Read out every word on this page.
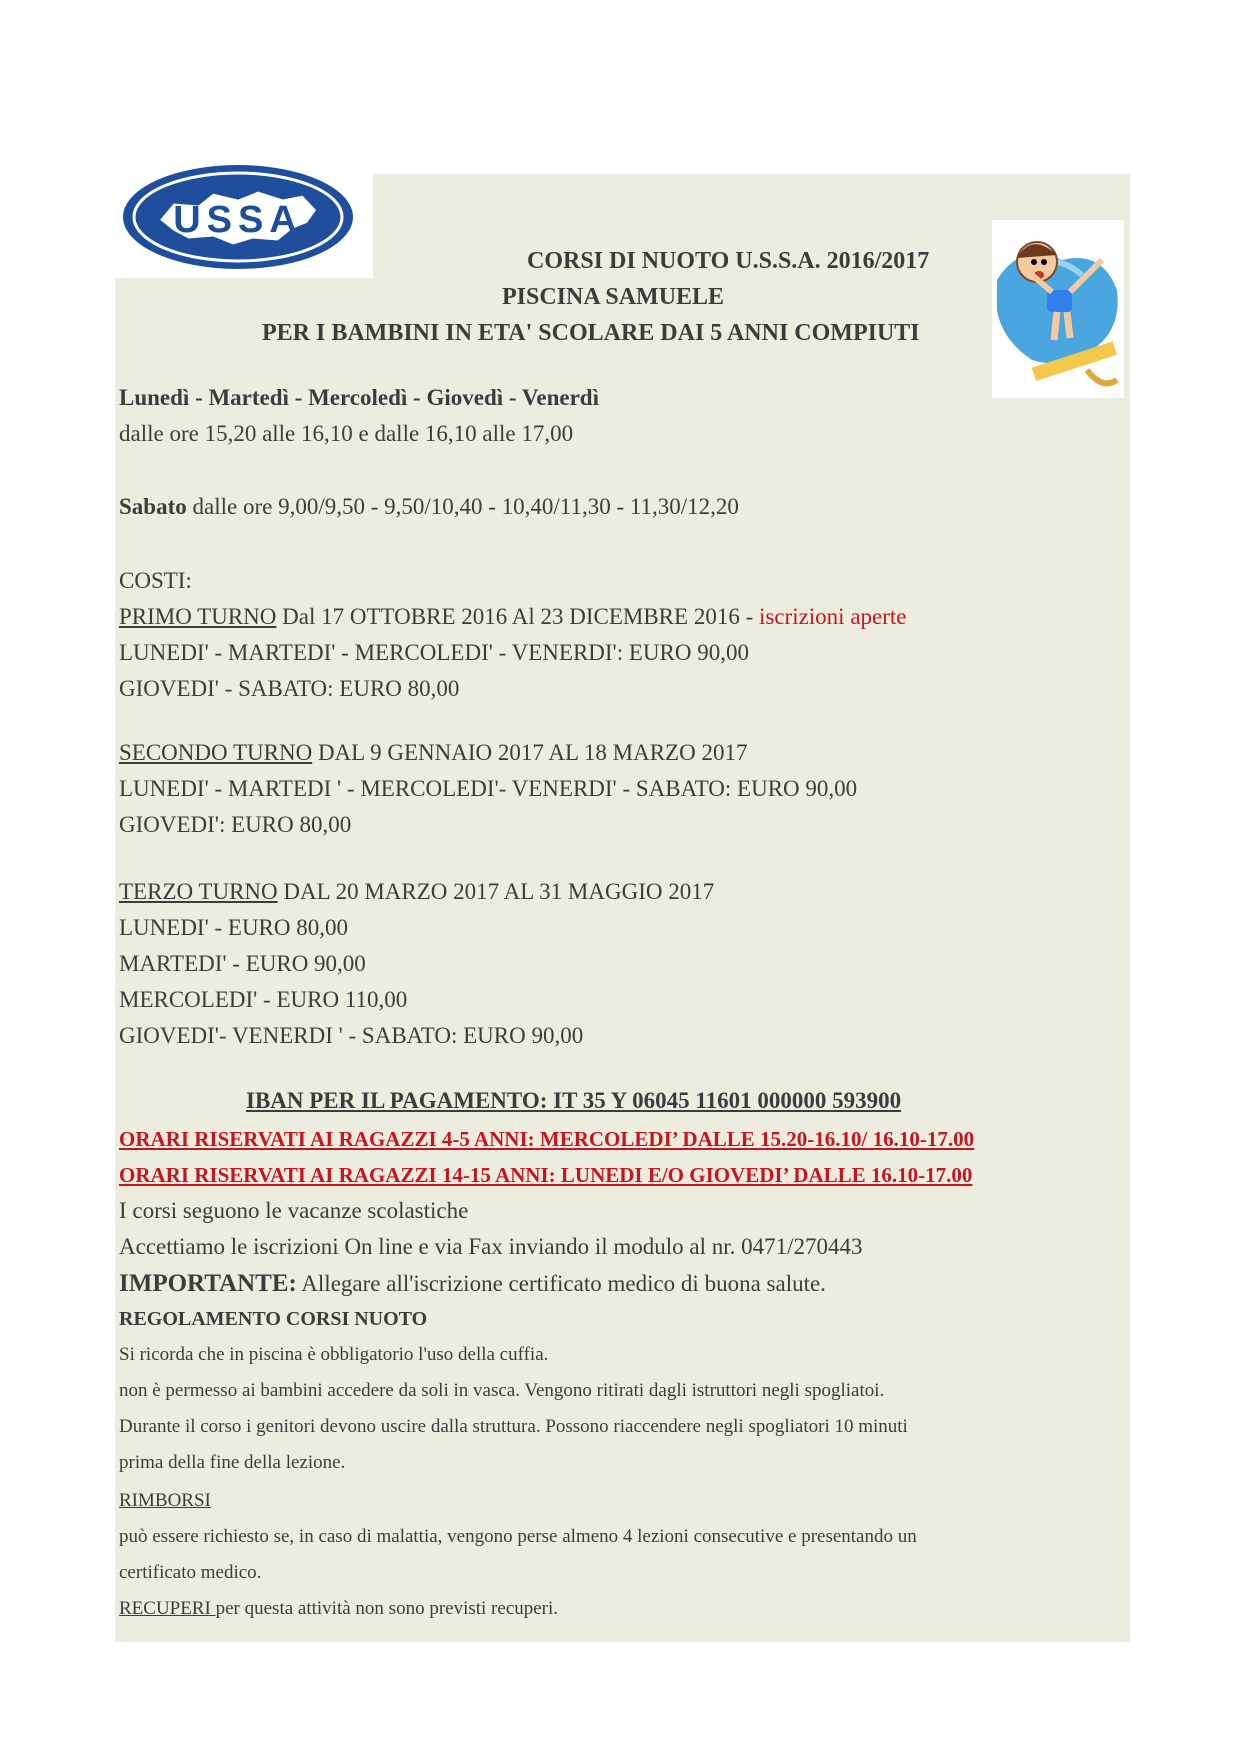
USSA
CORSI DI NUOTO U.S.S.A. 2016/2017
PISCINA SAMUELE
PER I BAMBINI IN ETA' SCOLARE DAI 5 ANNI COMPIUTI
Lunedì - Martedì - Mercoledì - Giovedì - Venerdì
dalle ore 15,20 alle 16,10 e dalle 16,10 alle 17,00
Sabato dalle ore 9,00/9,50 - 9,50/10,40 - 10,40/11,30 - 11,30/12,20
COSTI:
PRIMO TURNO Dal 17 OTTOBRE 2016 Al 23 DICEMBRE 2016 - iscrizioni aperte
LUNEDI' - MARTEDI' - MERCOLEDI' - VENERDI': EURO 90,00
GIOVEDI' - SABATO: EURO 80,00
SECONDO TURNO DAL 9 GENNAIO 2017 AL 18 MARZO 2017
LUNEDI' - MARTEDI ' - MERCOLEDI'- VENERDI' - SABATO: EURO 90,00
GIOVEDI': EURO 80,00
TERZO TURNO DAL 20 MARZO 2017 AL 31 MAGGIO 2017
LUNEDI' - EURO 80,00
MARTEDI' - EURO 90,00
MERCOLEDI' - EURO 110,00
GIOVEDI'- VENERDI ' - SABATO: EURO 90,00
IBAN PER IL PAGAMENTO: IT 35 Y 06045 11601 000000 593900
ORARI RISERVATI AI RAGAZZI 4-5 ANNI: MERCOLEDI’ DALLE 15.20-16.10/ 16.10-17.00
ORARI RISERVATI AI RAGAZZI 14-15 ANNI: LUNEDI E/O GIOVEDI’ DALLE 16.10-17.00
I corsi seguono le vacanze scolastiche
Accettiamo le iscrizioni On line e via Fax inviando il modulo al nr. 0471/270443
IMPORTANTE: Allegare all'iscrizione certificato medico di buona salute.
REGOLAMENTO CORSI NUOTO
Si ricorda che in piscina è obbligatorio l'uso della cuffia.
non è permesso ai bambini accedere da soli in vasca. Vengono ritirati dagli istruttori negli spogliatoi.
Durante il corso i genitori devono uscire dalla struttura. Possono riaccendere negli spogliatori 10 minuti
prima della fine della lezione.
RIMBORSI
può essere richiesto se, in caso di malattia, vengono perse almeno 4 lezioni consecutive e presentando un
certificato medico.
RECUPERI per questa attività non sono previsti recuperi.
